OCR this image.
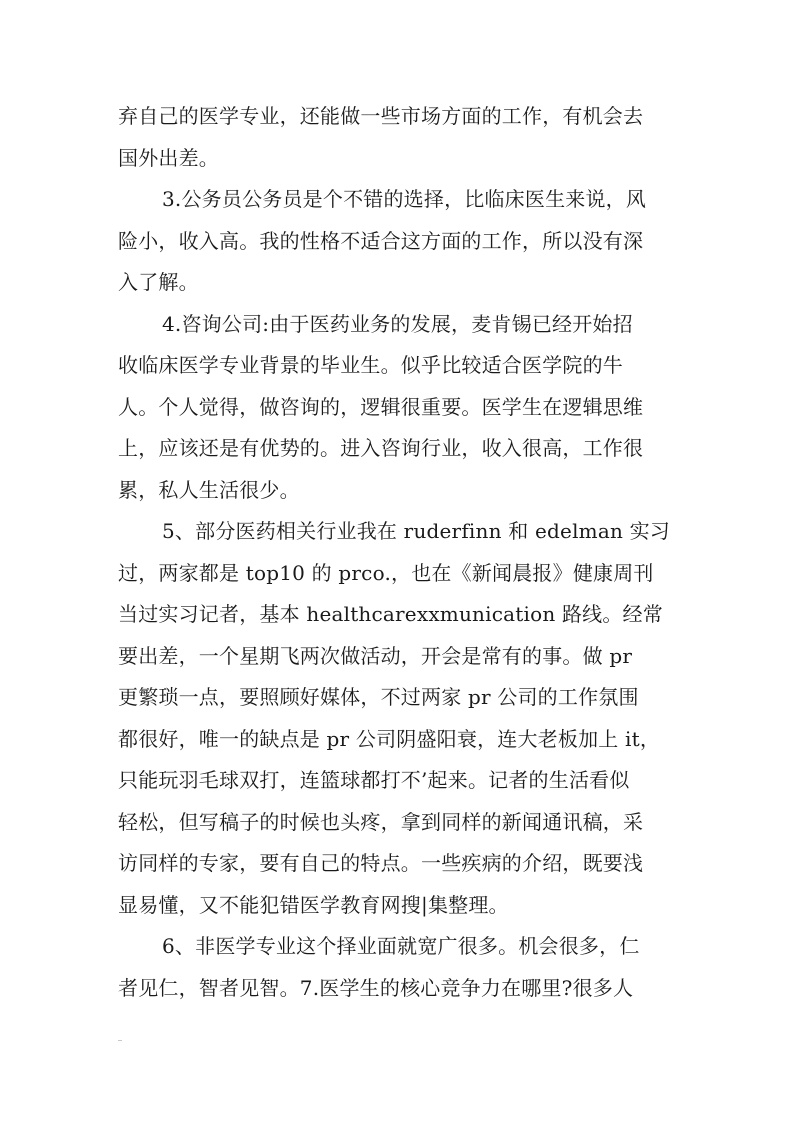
弃自己的医学专业，还能做一些市场方面的工作，有机会去
国外出差。
3.公务员公务员是个不错的选择，比临床医生来说，风
险小，收入高。我的性格不适合这方面的工作，所以没有深
入了解。
4.咨询公司:由于医药业务的发展，麦肯锡已经开始招
收临床医学专业背景的毕业生。似乎比较适合医学院的牛
人。个人觉得，做咨询的，逻辑很重要。医学生在逻辑思维
上，应该还是有优势的。进入咨询行业，收入很高，工作很
累，私人生活很少。
5、部分医药相关行业我在 ruderfinn 和 edelman 实习
过，两家都是 top10 的 prco.，也在《新闻晨报》健康周刊
当过实习记者，基本 healthcarexxmunication 路线。经常
要出差，一个星期飞两次做活动，开会是常有的事。做 pr
更繁琐一点，要照顾好媒体，不过两家 pr 公司的工作氛围
都很好，唯一的缺点是 pr 公司阴盛阳衰，连大老板加上 it，
只能玩羽毛球双打，连篮球都打不’起来。记者的生活看似
轻松，但写稿子的时候也头疼，拿到同样的新闻通讯稿，采
访同样的专家，要有自己的特点。一些疾病的介绍，既要浅
显易懂，又不能犯错医学教育网搜|集整理。
6、非医学专业这个择业面就宽广很多。机会很多，仁
者见仁，智者见智。7.医学生的核心竞争力在哪里?很多人
